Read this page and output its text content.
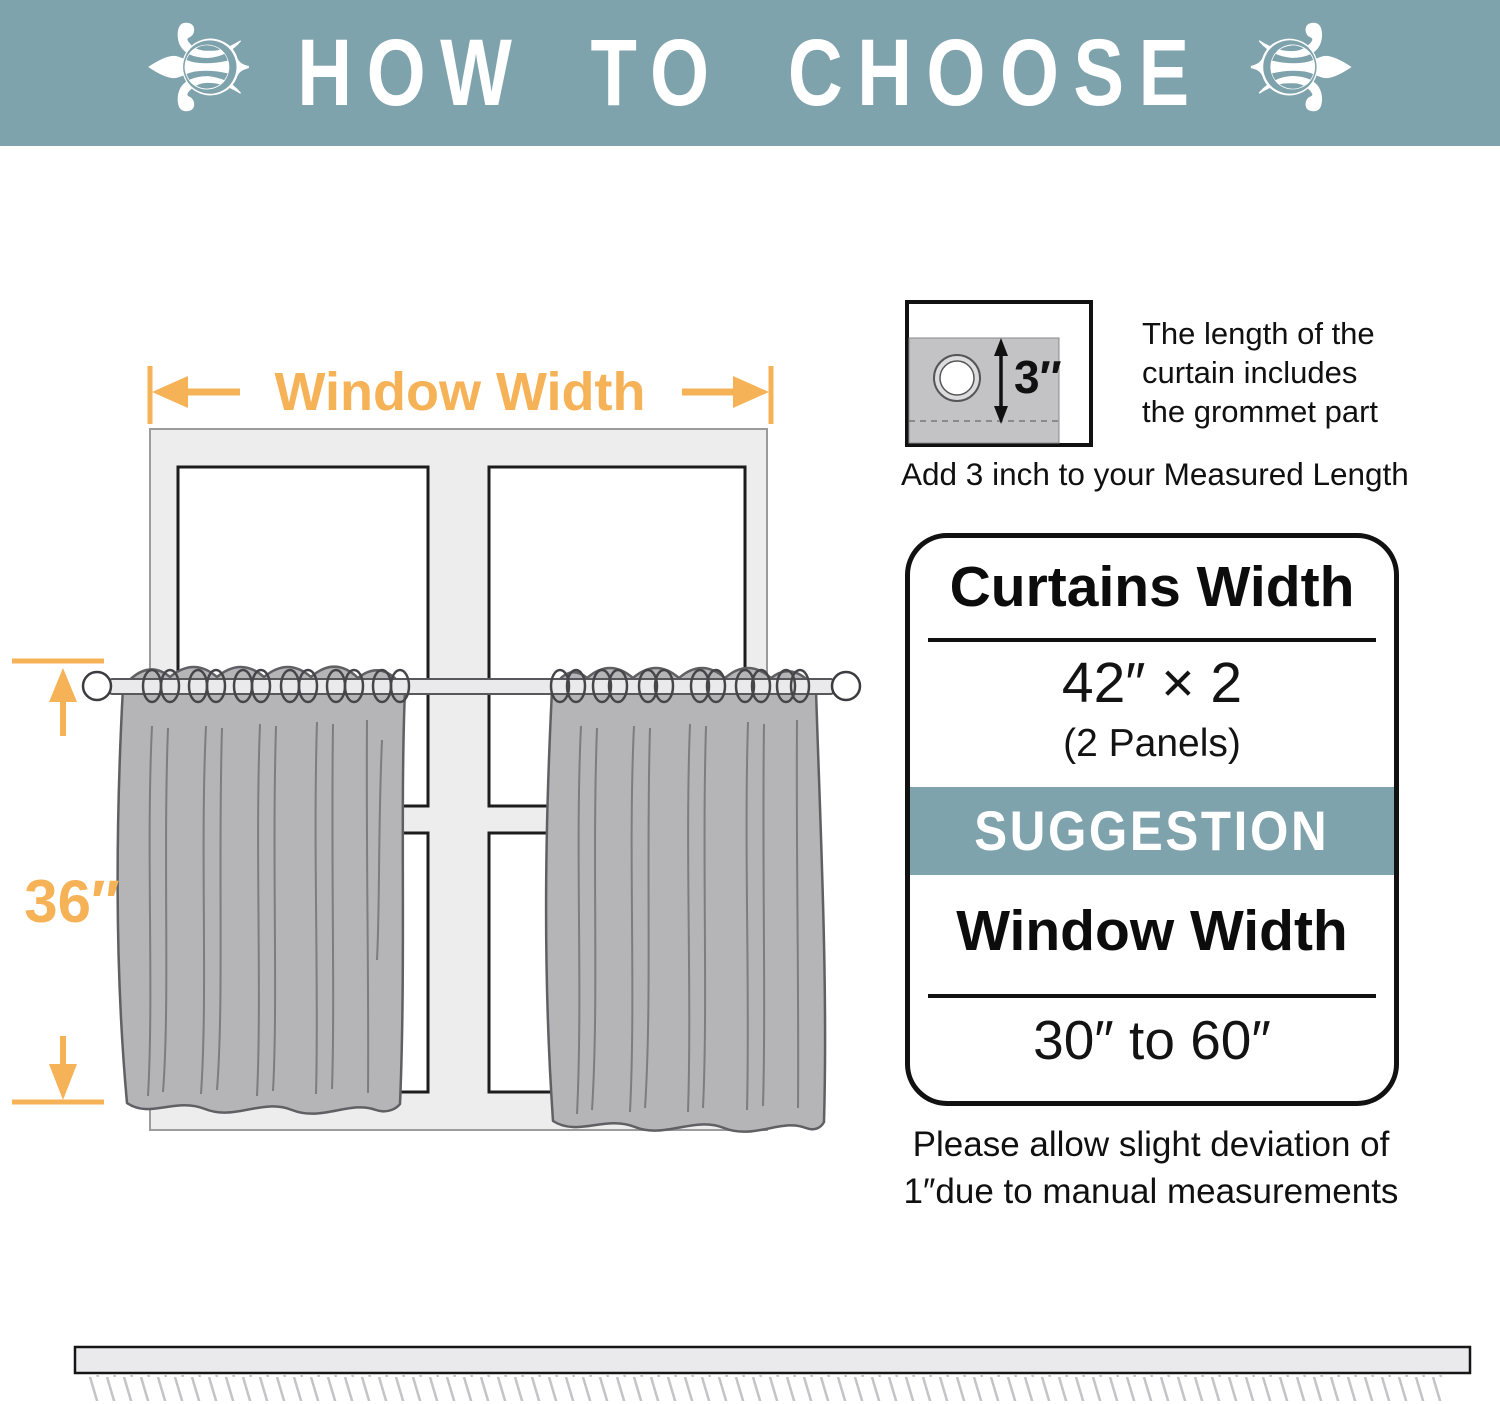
⚜ HOW TO CHOOSE ⚜
Window Width
36″
3″
The length of the
curtain includes
the grommet part
Add 3 inch to your Measured Length
Curtains Width
42″ × 2
(2 Panels)
SUGGESTION
Window Width
30″ to 60″
Please allow slight deviation of
1″due to manual measurements
